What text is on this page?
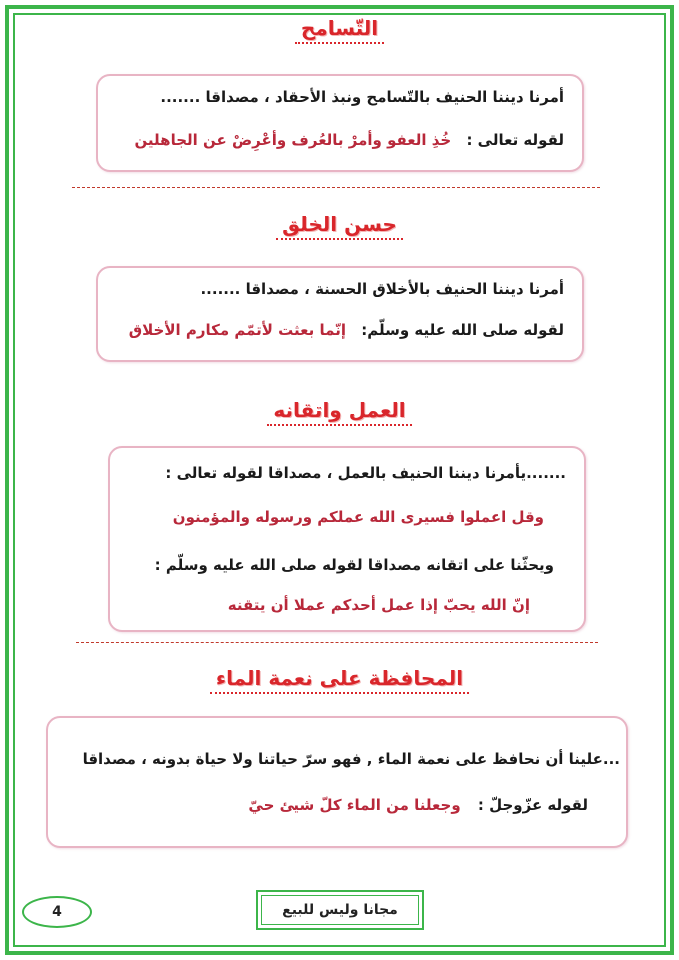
التّسامح
أمرنا ديننا الحنيف بالتّسامح ونبذ الأحقاد ، مصداقا .......
لقوله تعالى : خُذِ العفو وأمرْ بالعُرف وأعْرِضْ عن الجاهلين
حسن الخلق
أمرنا ديننا الحنيف بالأخلاق الحسنة ، مصداقا .......
لقوله صلى الله عليه وسلّم: إنّما بعثت لأتمّم مكارم الأخلاق
العمل واتقانه
.......يأمرنا ديننا الحنيف بالعمل ، مصداقا لقوله تعالى :
وقل اعملوا فسيرى الله عملكم ورسوله والمؤمنون
ويحثّنا على اتقانه مصداقا لقوله صلى الله عليه وسلّم :
إنّ الله يحبّ إذا عمل أحدكم عملا أن يتقنه
المحافظة على نعمة الماء
...علينا أن نحافظ على نعمة الماء , فهو سرّ حياتنا ولا حياة بدونه ، مصداقا
لقوله عزّوجلّ : وجعلنا من الماء كلّ شيئ حيّ
4	مجانا وليس للبيع
